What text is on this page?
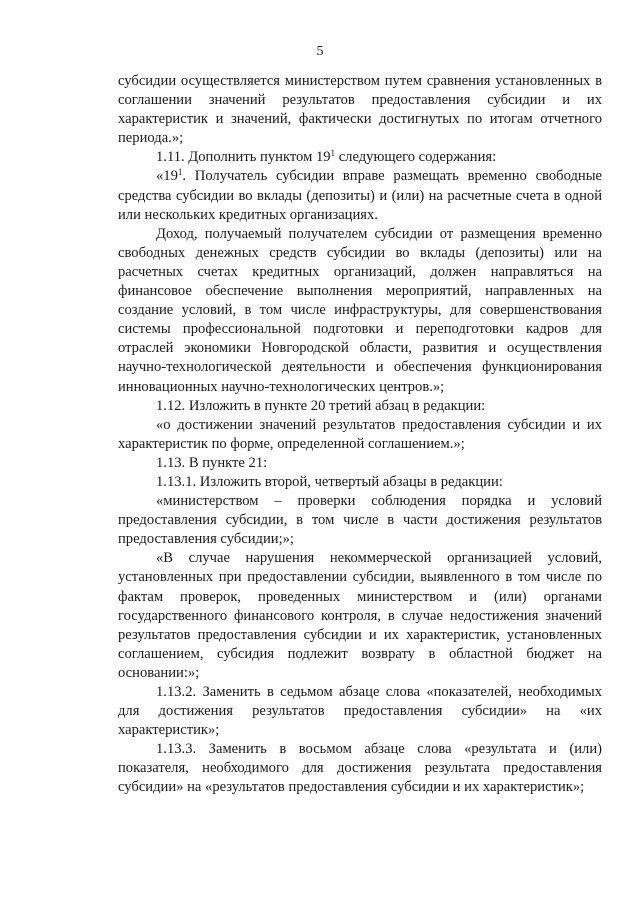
5

субсидии осуществляется министерством путем сравнения установленных в соглашении значений результатов предоставления субсидии и их характеристик и значений, фактически достигнутых по итогам отчетного периода.»;

1.11. Дополнить пунктом $19^1$ следующего содержания:

«$19^1$. Получатель субсидии вправе размещать временно свободные средства субсидии во вклады (депозиты) и (или) на расчетные счета в одной или нескольких кредитных организациях.

Доход, получаемый получателем субсидии от размещения временно свободных денежных средств субсидии во вклады (депозиты) или на расчетных счетах кредитных организаций, должен направляться на финансовое обеспечение выполнения мероприятий, направленных на создание условий, в том числе инфраструктуры, для совершенствования системы профессиональной подготовки и переподготовки кадров для отраслей экономики Новгородской области, развития и осуществления научно-технологической деятельности и обеспечения функционирования инновационных научно-технологических центров.»;

1.12. Изложить в пункте 20 третий абзац в редакции:

«о достижении значений результатов предоставления субсидии и их характеристик по форме, определенной соглашением.»;

1.13. В пункте 21:

1.13.1. Изложить второй, четвертый абзацы в редакции:

«министерством – проверки соблюдения порядка и условий предоставления субсидии, в том числе в части достижения результатов предоставления субсидии;»;

«В случае нарушения некоммерческой организацией условий, установленных при предоставлении субсидии, выявленного в том числе по фактам проверок, проведенных министерством и (или) органами государственного финансового контроля, в случае недостижения значений результатов предоставления субсидии и их характеристик, установленных соглашением, субсидия подлежит возврату в областной бюджет на основании:»;

1.13.2. Заменить в седьмом абзаце слова «показателей, необходимых для достижения результатов предоставления субсидии» на «их характеристик»;

1.13.3. Заменить в восьмом абзаце слова «результата и (или) показателя, необходимого для достижения результата предоставления субсидии» на «результатов предоставления субсидии и их характеристик»;
